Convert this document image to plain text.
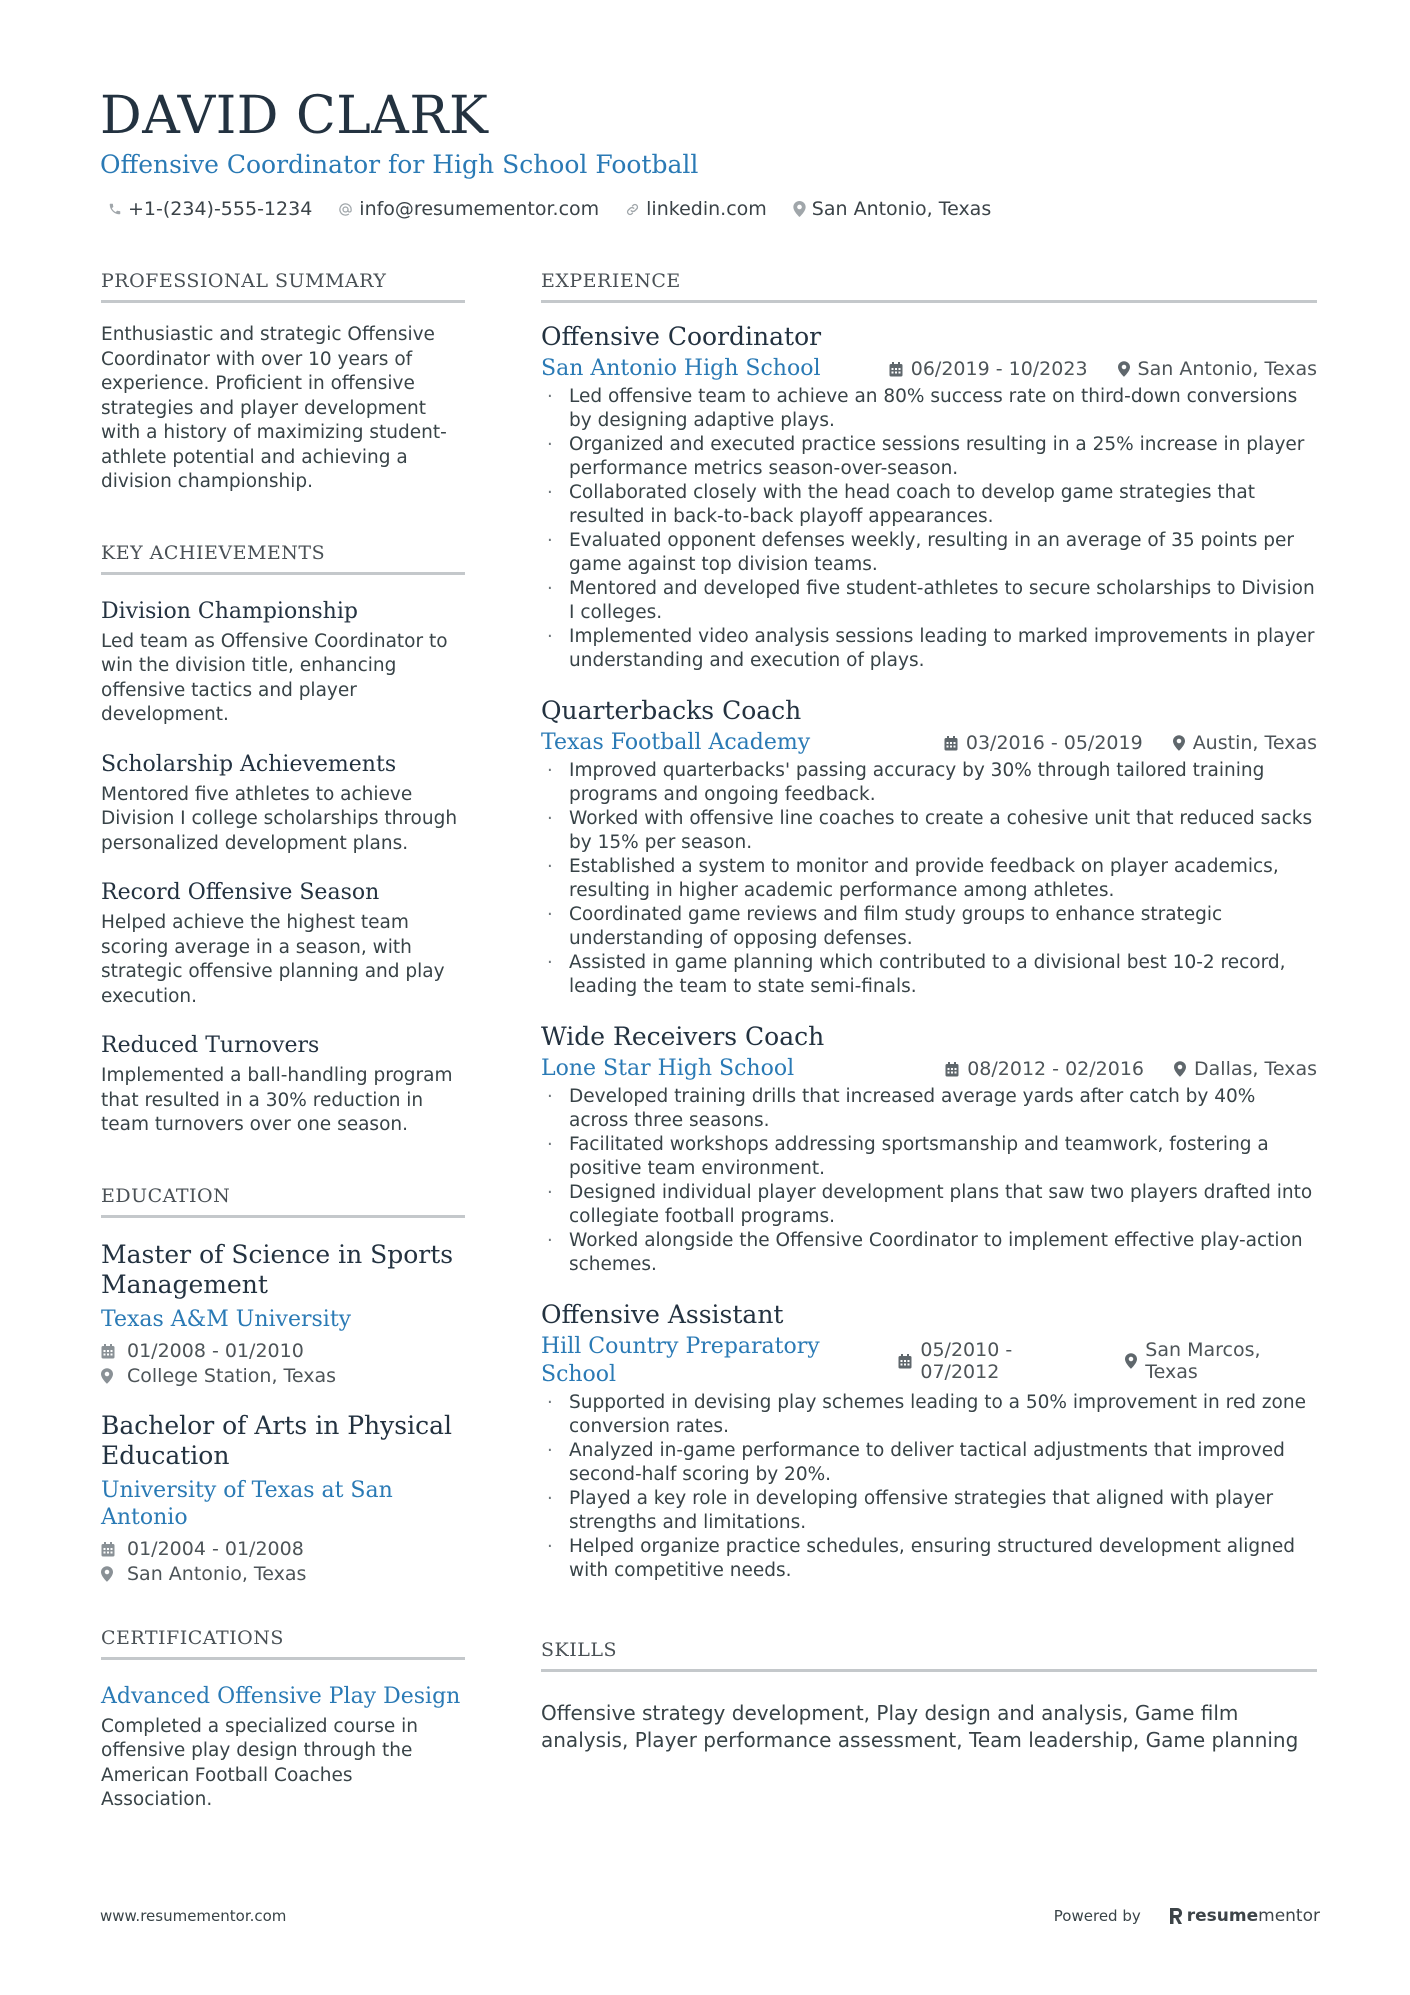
DAVID CLARK
Offensive Coordinator for High School Football
+1-(234)-555-1234 info@resumementor.com linkedin.com San Antonio, Texas
PROFESSIONAL SUMMARY

Enthusiastic and strategic Offensive Coordinator with over 10 years of experience. Proficient in offensive strategies and player development with a history of maximizing student-athlete potential and achieving a division championship.

KEY ACHIEVEMENTS
Division Championship

Led team as Offensive Coordinator to win the division title, enhancing offensive tactics and player development.

Scholarship Achievements

Mentored five athletes to achieve Division I college scholarships through personalized development plans.

Record Offensive Season

Helped achieve the highest team scoring average in a season, with strategic offensive planning and play execution.

Reduced Turnovers

Implemented a ball-handling program that resulted in a 30% reduction in team turnovers over one season.

EDUCATION
Master of Science in Sports Management
Texas A&M University
01/2008 - 01/2010
College Station, Texas
Bachelor of Arts in Physical Education
University of Texas at San Antonio
01/2004 - 01/2008
San Antonio, Texas
CERTIFICATIONS
Advanced Offensive Play Design

Completed a specialized course in offensive play design through the American Football Coaches Association.

EXPERIENCE
Offensive Coordinator
San Antonio High School	06/2019 - 10/2023	San Antonio, Texas
· Led offensive team to achieve an 80% success rate on third-down conversions by designing adaptive plays.
· Organized and executed practice sessions resulting in a 25% increase in player performance metrics season-over-season.
· Collaborated closely with the head coach to develop game strategies that resulted in back-to-back playoff appearances.
· Evaluated opponent defenses weekly, resulting in an average of 35 points per game against top division teams.
· Mentored and developed five student-athletes to secure scholarships to Division I colleges.
· Implemented video analysis sessions leading to marked improvements in player understanding and execution of plays.
Quarterbacks Coach
Texas Football Academy	03/2016 - 05/2019	Austin, Texas
· Improved quarterbacks' passing accuracy by 30% through tailored training programs and ongoing feedback.
· Worked with offensive line coaches to create a cohesive unit that reduced sacks by 15% per season.
· Established a system to monitor and provide feedback on player academics, resulting in higher academic performance among athletes.
· Coordinated game reviews and film study groups to enhance strategic understanding of opposing defenses.
· Assisted in game planning which contributed to a divisional best 10-2 record, leading the team to state semi-finals.
Wide Receivers Coach
Lone Star High School	08/2012 - 02/2016	Dallas, Texas
· Developed training drills that increased average yards after catch by 40% across three seasons.
· Facilitated workshops addressing sportsmanship and teamwork, fostering a positive team environment.
· Designed individual player development plans that saw two players drafted into collegiate football programs.
· Worked alongside the Offensive Coordinator to implement effective play-action schemes.
Offensive Assistant
Hill Country Preparatory School
05/2010 - 07/2012
San Marcos, Texas
· Supported in devising play schemes leading to a 50% improvement in red zone conversion rates.
· Analyzed in-game performance to deliver tactical adjustments that improved second-half scoring by 20%.
· Played a key role in developing offensive strategies that aligned with player strengths and limitations.
· Helped organize practice schedules, ensuring structured development aligned with competitive needs.
SKILLS

Offensive strategy development, Play design and analysis, Game film analysis, Player performance assessment, Team leadership, Game planning

www.resumementor.com	Powered by	resume mentor
